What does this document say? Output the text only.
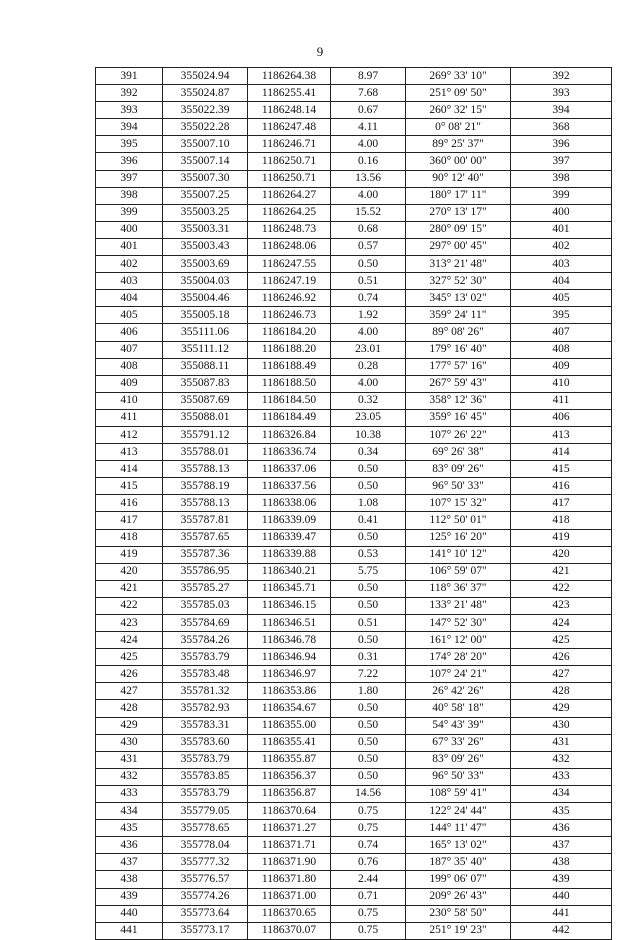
9
391	355024.94	1186264.38	8.97	269° 33' 10"	392
392	355024.87	1186255.41	7.68	251° 09' 50"	393
393	355022.39	1186248.14	0.67	260° 32' 15"	394
394	355022.28	1186247.48	4.11	0° 08' 21"	368
395	355007.10	1186246.71	4.00	89° 25' 37"	396
396	355007.14	1186250.71	0.16	360° 00' 00"	397
397	355007.30	1186250.71	13.56	90° 12' 40"	398
398	355007.25	1186264.27	4.00	180° 17' 11"	399
399	355003.25	1186264.25	15.52	270° 13' 17"	400
400	355003.31	1186248.73	0.68	280° 09' 15"	401
401	355003.43	1186248.06	0.57	297° 00' 45"	402
402	355003.69	1186247.55	0.50	313° 21' 48"	403
403	355004.03	1186247.19	0.51	327° 52' 30"	404
404	355004.46	1186246.92	0.74	345° 13' 02"	405
405	355005.18	1186246.73	1.92	359° 24' 11"	395
406	355111.06	1186184.20	4.00	89° 08' 26"	407
407	355111.12	1186188.20	23.01	179° 16' 40"	408
408	355088.11	1186188.49	0.28	177° 57' 16"	409
409	355087.83	1186188.50	4.00	267° 59' 43"	410
410	355087.69	1186184.50	0.32	358° 12' 36"	411
411	355088.01	1186184.49	23.05	359° 16' 45"	406
412	355791.12	1186326.84	10.38	107° 26' 22"	413
413	355788.01	1186336.74	0.34	69° 26' 38"	414
414	355788.13	1186337.06	0.50	83° 09' 26"	415
415	355788.19	1186337.56	0.50	96° 50' 33"	416
416	355788.13	1186338.06	1.08	107° 15' 32"	417
417	355787.81	1186339.09	0.41	112° 50' 01"	418
418	355787.65	1186339.47	0.50	125° 16' 20"	419
419	355787.36	1186339.88	0.53	141° 10' 12"	420
420	355786.95	1186340.21	5.75	106° 59' 07"	421
421	355785.27	1186345.71	0.50	118° 36' 37"	422
422	355785.03	1186346.15	0.50	133° 21' 48"	423
423	355784.69	1186346.51	0.51	147° 52' 30"	424
424	355784.26	1186346.78	0.50	161° 12' 00"	425
425	355783.79	1186346.94	0.31	174° 28' 20"	426
426	355783.48	1186346.97	7.22	107° 24' 21"	427
427	355781.32	1186353.86	1.80	26° 42' 26"	428
428	355782.93	1186354.67	0.50	40° 58' 18"	429
429	355783.31	1186355.00	0.50	54° 43' 39"	430
430	355783.60	1186355.41	0.50	67° 33' 26"	431
431	355783.79	1186355.87	0.50	83° 09' 26"	432
432	355783.85	1186356.37	0.50	96° 50' 33"	433
433	355783.79	1186356.87	14.56	108° 59' 41"	434
434	355779.05	1186370.64	0.75	122° 24' 44"	435
435	355778.65	1186371.27	0.75	144° 11' 47"	436
436	355778.04	1186371.71	0.74	165° 13' 02"	437
437	355777.32	1186371.90	0.76	187° 35' 40"	438
438	355776.57	1186371.80	2.44	199° 06' 07"	439
439	355774.26	1186371.00	0.71	209° 26' 43"	440
440	355773.64	1186370.65	0.75	230° 58' 50"	441
441	355773.17	1186370.07	0.75	251° 19' 23"	442
